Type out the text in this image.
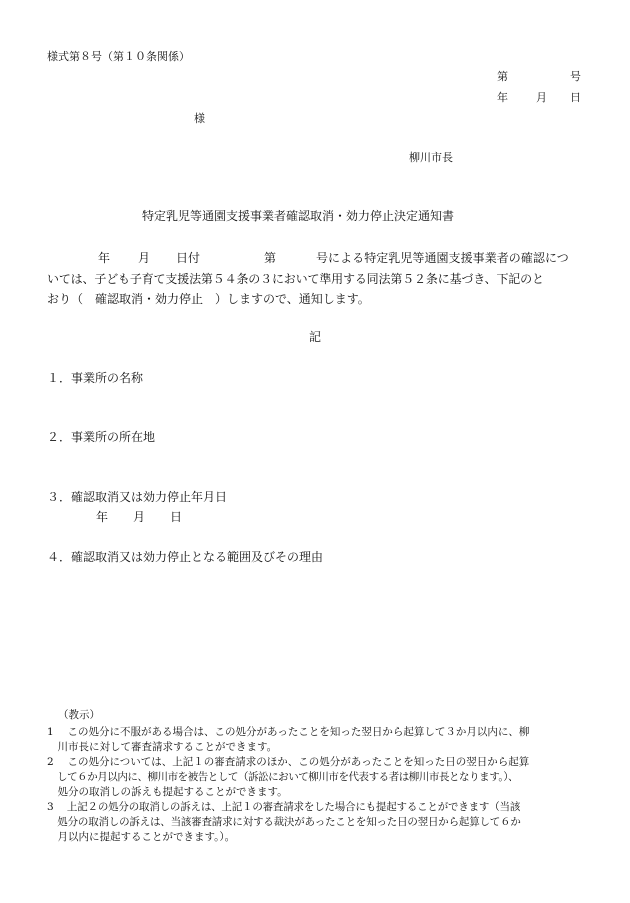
様式第８号（第１０条関係）
第	号
年	月 日
様
柳川市長
特定乳児等通園支援事業者確認取消・効力停止決定通知書
年 月 日付	第	号による特定乳児等通園支援事業者の確認につ
いては、子ども子育て支援法第５４条の３において準用する同法第５２条に基づき、下記のと
おり（　確認取消・効力停止　）しますので、通知します。
記
１．事業所の名称
２．事業所の所在地
３．確認取消又は効力停止年月日
年 月 日
４．確認取消又は効力停止となる範囲及びその理由
（教示）
1　 この処分に不服がある場合は、この処分があったことを知った翌日から起算して３か月以内に、柳
　川市長に対して審査請求することができます。
2　 この処分については、上記１の審査請求のほか、この処分があったことを知った日の翌日から起算
　して６か月以内に、柳川市を被告として（訴訟において柳川市を代表する者は柳川市長となります。）、
　処分の取消しの訴えも提起することができます。
3　 上記２の処分の取消しの訴えは、上記１の審査請求をした場合にも提起することができます（当該
　処分の取消しの訴えは、当該審査請求に対する裁決があったことを知った日の翌日から起算して６か
　月以内に提起することができます。）。
